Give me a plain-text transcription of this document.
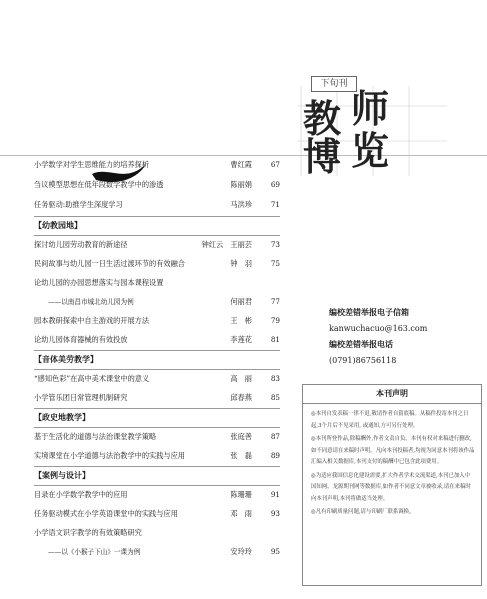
下旬刊
教 师
博 览
小学数学对学生思维能力的培养探析	曹红霞	67
刍议模型思想在低年段数学教学中的渗透	陈丽娟	69
任务驱动:助推学生深度学习	马洪珍	71
【幼教园地】
探讨幼儿园劳动教育的新途径	钟红云　王丽芸	73
民间故事与幼儿园一日生活过渡环节的有效融合	钟　羽	75
论幼儿园的办园思想落实与园本课程设置
——以南昌市城北幼儿园为例	何丽君	77
园本教研探索中自主游戏的开展方法	王　彬	79
论幼儿园体育器械的有效投放	李莲花	81
【音体美劳教学】
“感知色彩”在高中美术课堂中的意义	高　丽	83
小学管乐团日常管理机制研究	邱春燕	85
【政史地教学】
基于生活化的道德与法治课堂教学策略	张庭善	87
实境课堂在小学道德与法治教学中的实践与应用	张　磊	89
【案例与设计】
目录在小学数学教学中的应用	陈珊珊	91
任务驱动模式在小学英语课堂中的实践与应用	邓　雨	93
小学语文识字教学的有效策略研究
——以《小猴子下山》一课为例	安玲玲	95
编校差错举报电子信箱
kanwuchacuo@163.com
编校差错举报电话
(0791)86756118
本刊声明

◎本刊自发表稿一律不退,敬请作者自留底稿。从稿件投寄本刊之日起,3个月后不见采用, 或通知,方可另行处理。

◎本刊所登作品,除稿酬外,作者文责自负。本刊有权对来稿进行删改,如不同意请在来稿时声明。凡向本刊投稿者,均视为同意本刊将该作品汇编入相关数据库,本刊支付的稿酬中已包含此项费用。

◎为适应我国信息化建设需要,扩大作者学术交流渠道,本刊已加入中国知网、龙源期刊网等数据库,如作者不同意文章被收录,请在来稿时向本刊声明,本刊将做适当处理。

◎凡有印刷质量问题,请与印刷厂联系调换。
